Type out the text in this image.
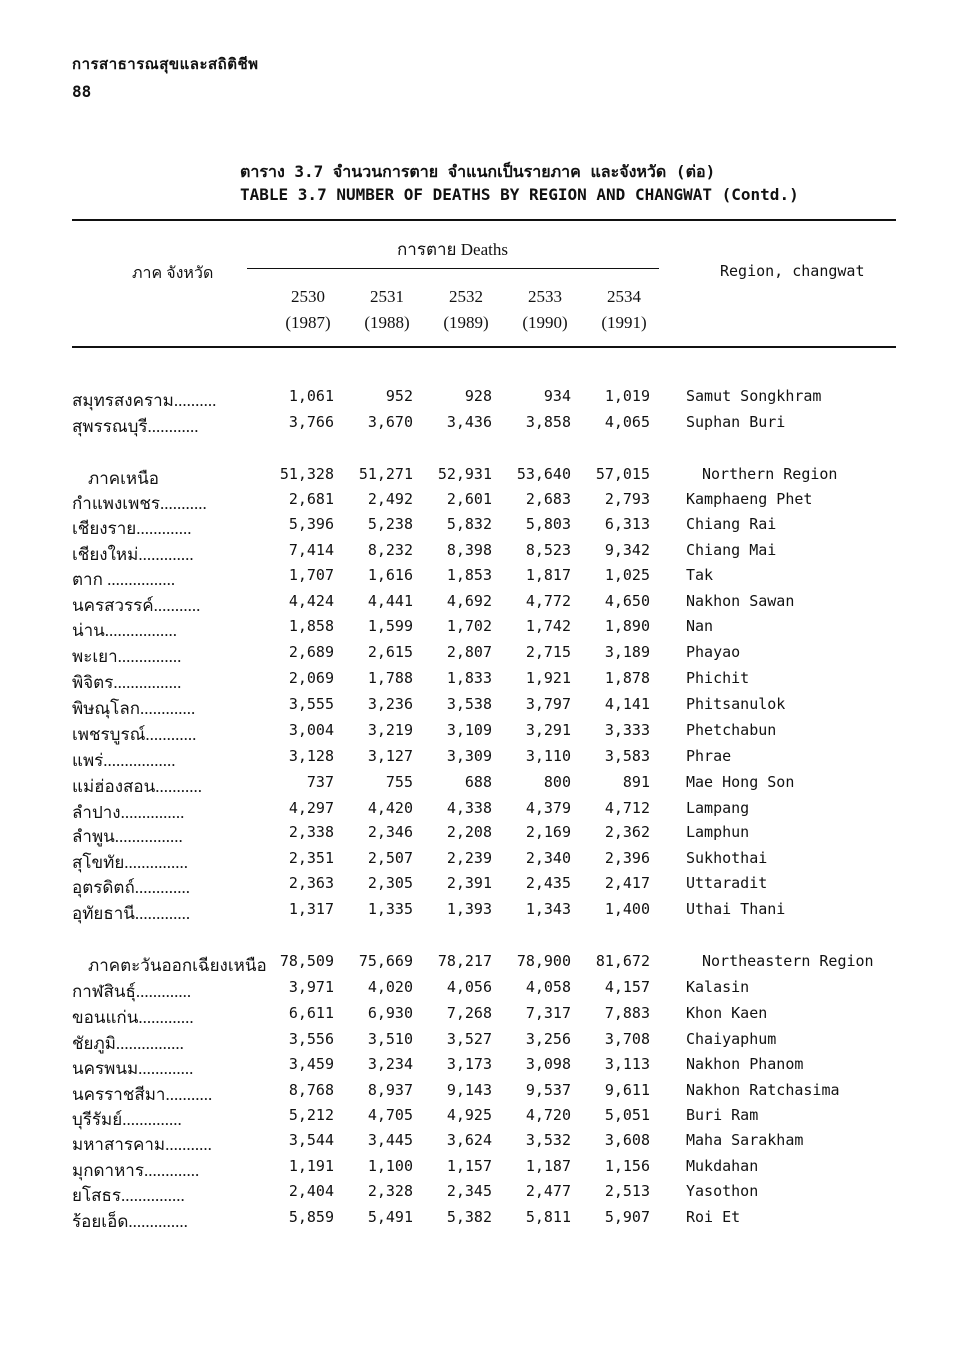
การสาธารณสุขและสถิติชีพ
88
ตาราง 3.7 จำนวนการตาย จำแนกเป็นรายภาค และจังหวัด (ต่อ)
TABLE 3.7 NUMBER OF DEATHS BY REGION AND CHANGWAT (Contd.)
ภาค จังหวัด
การตาย Deaths
Region, changwat
2530
(1987)
2531
(1988)
2532
(1989)
2533
(1990)
2534
(1991)
สมุทรสงคราม..........	1,061	952	928	934	1,019 Samut Songkhram
สุพรรณบุรี............	3,766	3,670	3,436	3,858	4,065 Suphan Buri
ภาคเหนือ	51,328	51,271	52,931	53,640	57,015	Northern Region
กำแพงเพชร...........	2,681	2,492	2,601	2,683	2,793 Kamphaeng Phet
เชียงราย.............	5,396	5,238	5,832	5,803	6,313 Chiang Rai
เชียงใหม่.............	7,414	8,232	8,398	8,523	9,342 Chiang Mai
ตาก ................	1,707	1,616	1,853	1,817	1,025 Tak
นครสวรรค์...........	4,424	4,441	4,692	4,772	4,650 Nakhon Sawan
น่าน.................	1,858	1,599	1,702	1,742	1,890 Nan
พะเยา...............	2,689	2,615	2,807	2,715	3,189 Phayao
พิจิตร................	2,069	1,788	1,833	1,921	1,878 Phichit
พิษณุโลก.............	3,555	3,236	3,538	3,797	4,141 Phitsanulok
เพชรบูรณ์............	3,004	3,219	3,109	3,291	3,333 Phetchabun
แพร่.................	3,128	3,127	3,309	3,110	3,583 Phrae
แม่ฮ่องสอน...........	737	755	688	800	891 Mae Hong Son
ลำปาง...............	4,297	4,420	4,338	4,379	4,712 Lampang
ลำพูน................	2,338	2,346	2,208	2,169	2,362 Lamphun
สุโขทัย...............	2,351	2,507	2,239	2,340	2,396 Sukhothai
อุตรดิตถ์.............	2,363	2,305	2,391	2,435	2,417 Uttaradit
อุทัยธานี.............	1,317	1,335	1,393	1,343	1,400 Uthai Thani
ภาคตะวันออกเฉียงเหนือ 78,509	75,669	78,217	78,900	81,672	Northeastern Region
กาฬสินธุ์.............	3,971	4,020	4,056	4,058	4,157 Kalasin
ขอนแก่น.............	6,611	6,930	7,268	7,317	7,883 Khon Kaen
ชัยภูมิ................	3,556	3,510	3,527	3,256	3,708 Chaiyaphum
นครพนม.............	3,459	3,234	3,173	3,098	3,113 Nakhon Phanom
นครราชสีมา...........	8,768	8,937	9,143	9,537	9,611 Nakhon Ratchasima
บุรีรัมย์..............	5,212	4,705	4,925	4,720	5,051 Buri Ram
มหาสารคาม...........	3,544	3,445	3,624	3,532	3,608 Maha Sarakham
มุกดาหาร.............	1,191	1,100	1,157	1,187	1,156 Mukdahan
ยโสธร...............	2,404	2,328	2,345	2,477	2,513 Yasothon
ร้อยเอ็ด..............	5,859	5,491	5,382	5,811	5,907 Roi Et
